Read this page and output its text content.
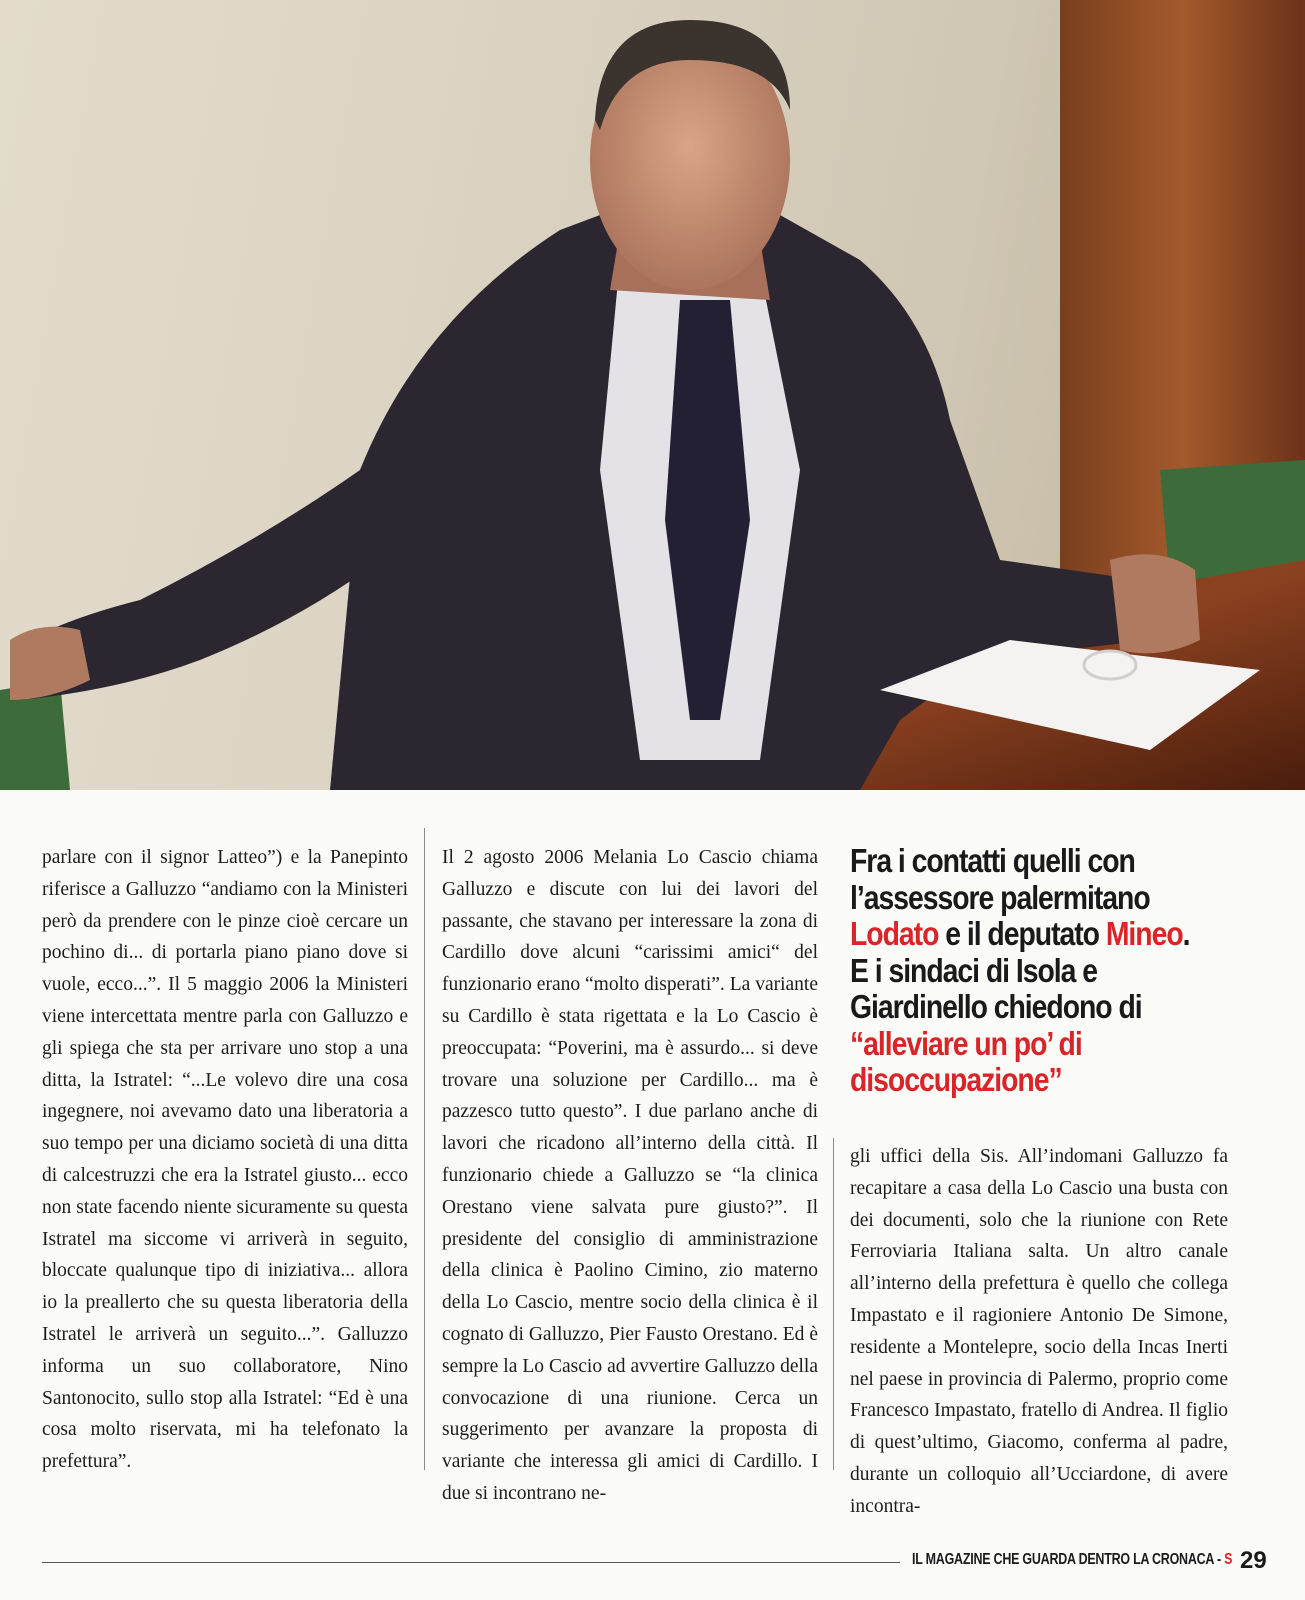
parlare con il signor Latteo”) e la Panepinto riferisce a Galluzzo “andiamo con la Ministeri però da prendere con le pinze cioè cercare un pochino di... di portarla piano piano dove si vuole, ecco...”. Il 5 maggio 2006 la Ministeri viene intercettata mentre parla con Galluzzo e gli spiega che sta per arrivare uno stop a una ditta, la Istratel: “...Le volevo dire una cosa ingegnere, noi avevamo dato una liberatoria a suo tempo per una diciamo società di una ditta di calcestruzzi che era la Istratel giusto... ecco non state facendo niente sicuramente su questa Istratel ma siccome vi arriverà in seguito, bloccate qualunque tipo di iniziativa... allora io la preallerto che su questa liberatoria della Istratel le arriverà un seguito...”. Galluzzo informa un suo collaboratore, Nino Santonocito, sullo stop alla Istratel: “Ed è una cosa molto riservata, mi ha telefonato la prefettura”.

Il 2 agosto 2006 Melania Lo Cascio chiama Galluzzo e discute con lui dei lavori del passante, che stavano per interessare la zona di Cardillo dove alcuni “carissimi amici“ del funzionario erano “molto disperati”. La variante su Cardillo è stata rigettata e la Lo Cascio è preoccupata: “Poverini, ma è assurdo... si deve trovare una soluzione per Cardillo... ma è pazzesco tutto questo”. I due parlano anche di lavori che ricadono all’interno della città. Il funzionario chiede a Galluzzo se “la clinica Orestano viene salvata pure giusto?”. Il presidente del consiglio di amministrazione della clinica è Paolino Cimino, zio materno della Lo Cascio, mentre socio della clinica è il cognato di Galluzzo, Pier Fausto Orestano. Ed è sempre la Lo Cascio ad avvertire Galluzzo della convocazione di una riunione. Cerca un suggerimento per avanzare la proposta di variante che interessa gli amici di Cardillo. I due si incontrano ne-

Fra i contatti quelli con l’assessore palermitano Lodato e il deputato Mineo. E i sindaci di Isola e Giardinello chiedono di “alleviare un po’ di disoccupazione”

gli uffici della Sis. All’indomani Galluzzo fa recapitare a casa della Lo Cascio una busta con dei documenti, solo che la riunione con Rete Ferroviaria Italiana salta. Un altro canale all’interno della prefettura è quello che collega Impastato e il ragioniere Antonio De Simone, residente a Montelepre, socio della Incas Inerti nel paese in provincia di Palermo, proprio come Francesco Impastato, fratello di Andrea. Il figlio di quest’ultimo, Giacomo, conferma al padre, durante un colloquio all’Ucciardone, di avere incontra-

IL MAGAZINE CHE GUARDA DENTRO LA CRONACA - S 29
